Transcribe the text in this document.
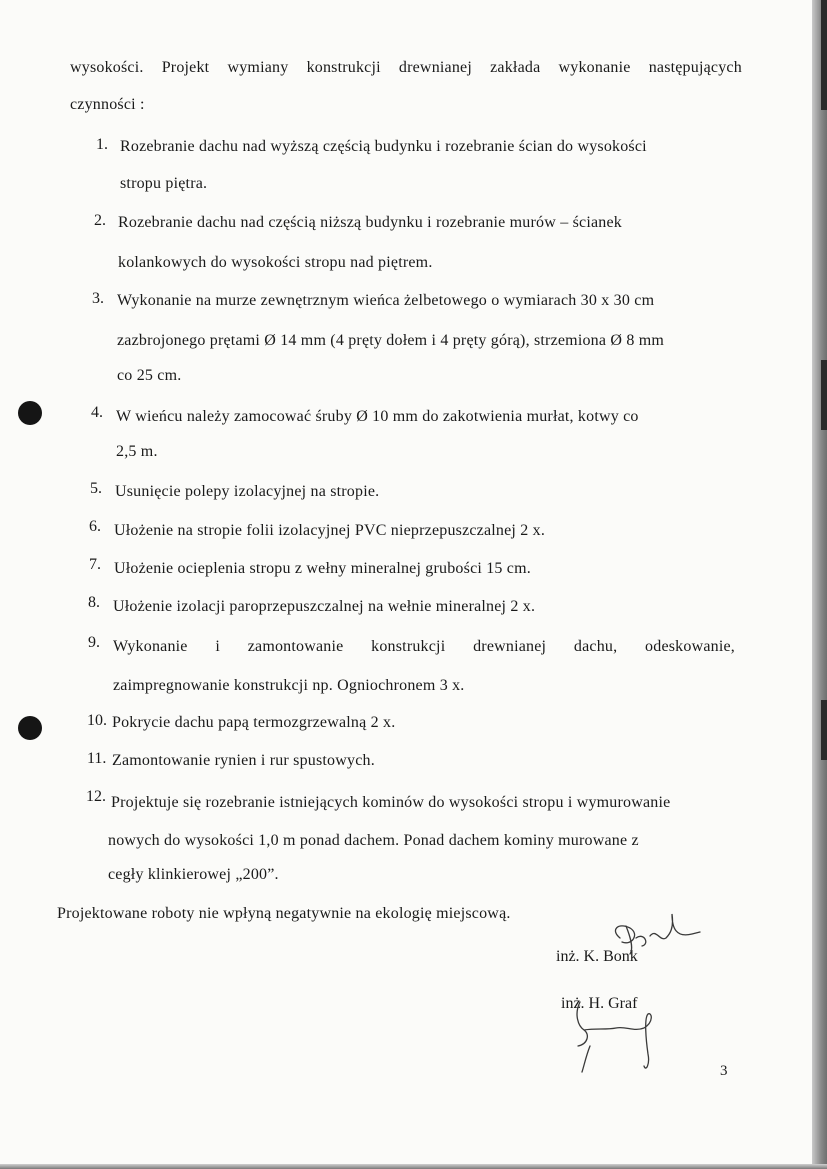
wysokości. Projekt wymiany konstrukcji drewnianej zakłada wykonanie następujących
czynności :
1. Rozebranie dachu nad wyższą częścią budynku i rozebranie ścian do wysokości
stropu piętra.
2. Rozebranie dachu nad częścią niższą budynku i rozebranie murów – ścianek
kolankowych do wysokości stropu nad piętrem.
3. Wykonanie na murze zewnętrznym wieńca żelbetowego o wymiarach 30 x 30 cm
zazbrojonego prętami Ø 14 mm (4 pręty dołem i 4 pręty górą), strzemiona Ø 8 mm
co 25 cm.
4. W wieńcu należy zamocować śruby Ø 10 mm do zakotwienia murłat, kotwy co
2,5 m.
5. Usunięcie polepy izolacyjnej na stropie.
6. Ułożenie na stropie folii izolacyjnej PVC nieprzepuszczalnej 2 x.
7. Ułożenie ocieplenia stropu z wełny mineralnej grubości 15 cm.
8. Ułożenie izolacji paroprzepuszczalnej na wełnie mineralnej 2 x.
9. Wykonanie i zamontowanie konstrukcji drewnianej dachu, odeskowanie,
zaimpregnowanie konstrukcji np. Ogniochronem 3 x.
10. Pokrycie dachu papą termozgrzewalną 2 x.
11. Zamontowanie rynien i rur spustowych.
12. Projektuje się rozebranie istniejących kominów do wysokości stropu i wymurowanie
nowych do wysokości 1,0 m ponad dachem. Ponad dachem kominy murowane z
cegły klinkierowej „200”.
Projektowane roboty nie wpłyną negatywnie na ekologię miejscową.
inż. K. Bonk
inż. H. Graf
3
